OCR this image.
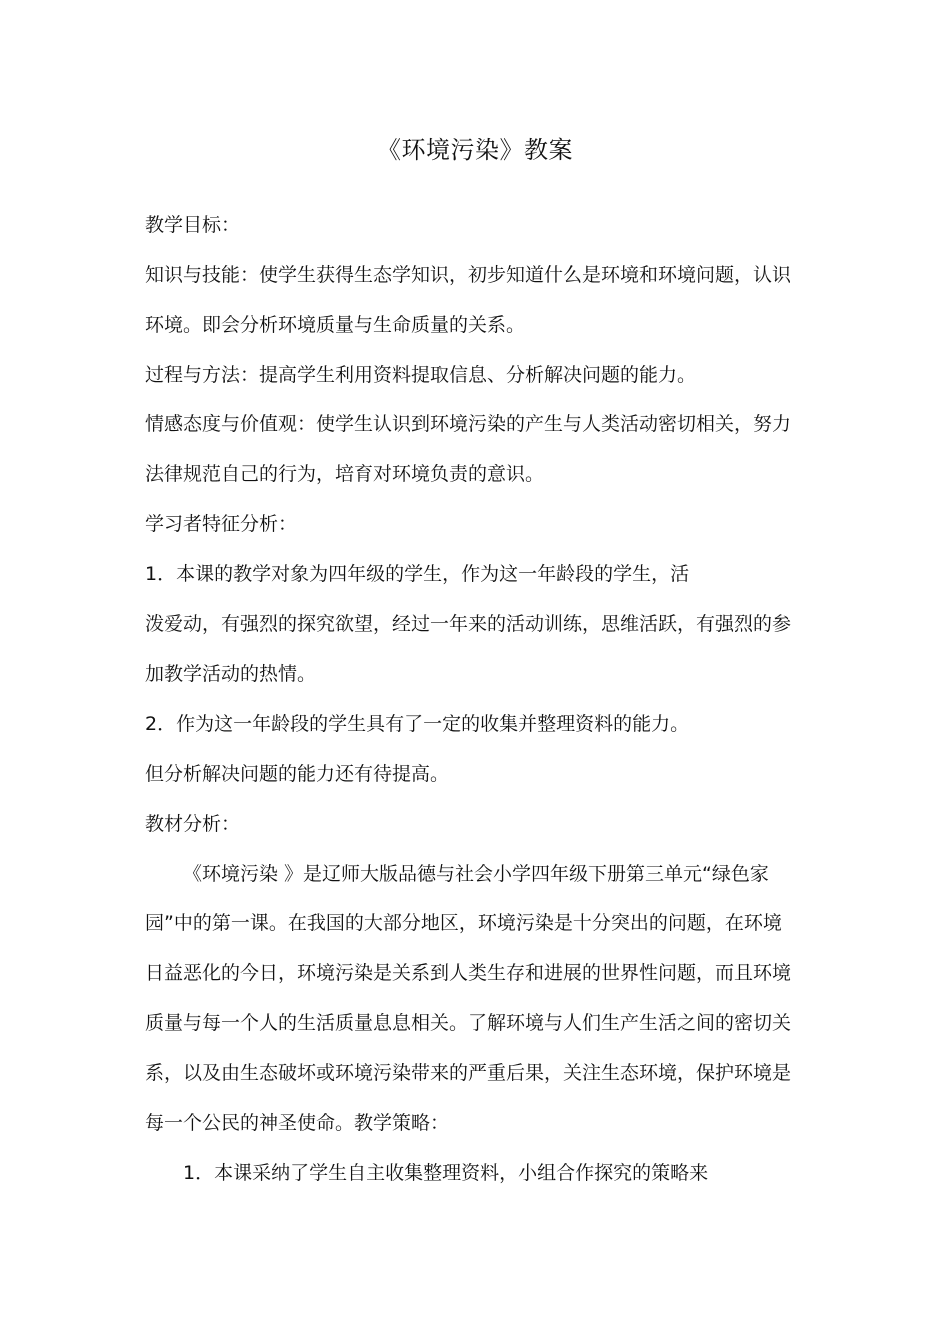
《环境污染》教案
教学目标：
知识与技能：使学生获得生态学知识，初步知道什么是环境和环境问题，认识
环境。即会分析环境质量与生命质量的关系。
过程与方法：提高学生利用资料提取信息、分析解决问题的能力。
情感态度与价值观：使学生认识到环境污染的产生与人类活动密切相关，努力
法律规范自己的行为，培育对环境负责的意识。
学习者特征分析：
1．本课的教学对象为四年级的学生，作为这一年龄段的学生，活
泼爱动，有强烈的探究欲望，经过一年来的活动训练，思维活跃，有强烈的参
加教学活动的热情。
2．作为这一年龄段的学生具有了一定的收集并整理资料的能力。
但分析解决问题的能力还有待提高。
教材分析：
《环境污染 》是辽师大版品德与社会小学四年级下册第三单元“绿色家
园”中的第一课。在我国的大部分地区，环境污染是十分突出的问题，在环境
日益恶化的今日，环境污染是关系到人类生存和进展的世界性问题，而且环境
质量与每一个人的生活质量息息相关。了解环境与人们生产生活之间的密切关
系，以及由生态破坏或环境污染带来的严重后果，关注生态环境，保护环境是
每一个公民的神圣使命。教学策略：
1．本课采纳了学生自主收集整理资料，小组合作探究的策略来
